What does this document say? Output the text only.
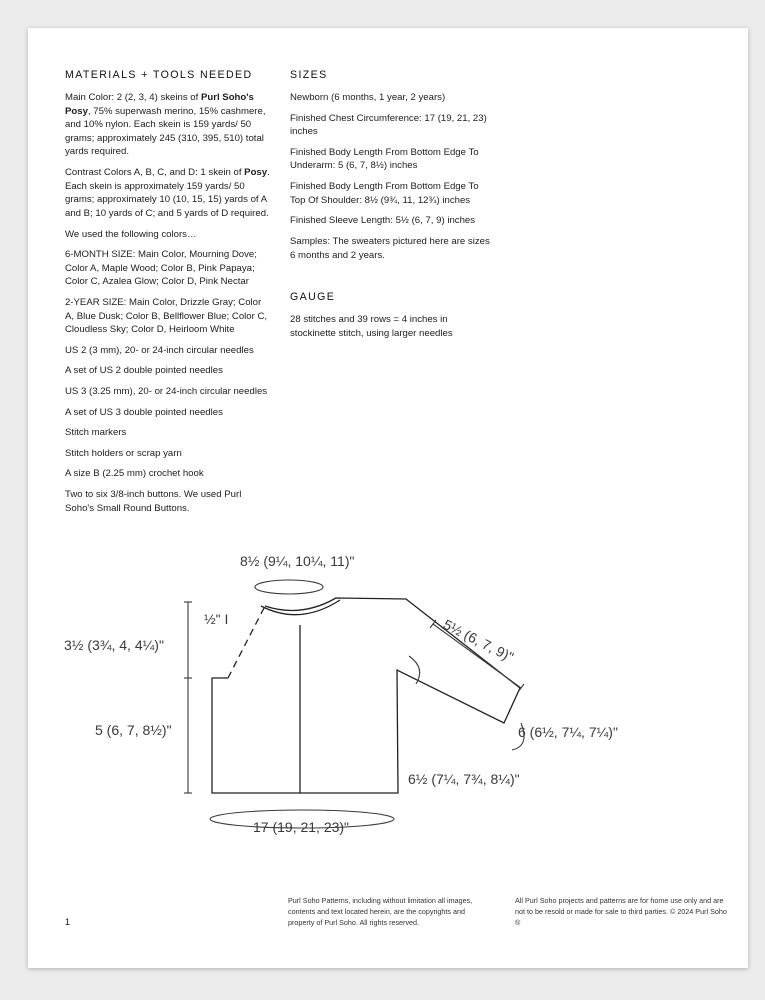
MATERIALS + TOOLS NEEDED

Main Color: 2 (2, 3, 4) skeins of Purl Soho's Posy, 75% superwash merino, 15% cashmere, and 10% nylon. Each skein is 159 yards/ 50 grams; approximately 245 (310, 395, 510) total yards required.

Contrast Colors A, B, C, and D: 1 skein of Posy. Each skein is approximately 159 yards/ 50 grams; approximately 10 (10, 15, 15) yards of A and B; 10 yards of C; and 5 yards of D required.

We used the following colors…

6-MONTH SIZE: Main Color, Mourning Dove; Color A, Maple Wood; Color B, Pink Papaya; Color C, Azalea Glow; Color D, Pink Nectar

2-YEAR SIZE: Main Color, Drizzle Gray; Color A, Blue Dusk; Color B, Bellflower Blue; Color C, Cloudless Sky; Color D, Heirloom White

US 2 (3 mm), 20- or 24-inch circular needles

A set of US 2 double pointed needles

US 3 (3.25 mm), 20- or 24-inch circular needles

A set of US 3 double pointed needles

Stitch markers

Stitch holders or scrap yarn

A size B (2.25 mm) crochet hook

Two to six 3/8-inch buttons. We used Purl Soho's Small Round Buttons.

SIZES

Newborn (6 months, 1 year, 2 years)

Finished Chest Circumference: 17 (19, 21, 23) inches

Finished Body Length From Bottom Edge To Underarm: 5 (6, 7, 8½) inches

Finished Body Length From Bottom Edge To Top Of Shoulder: 8½ (9¾, 11, 12¾) inches

Finished Sleeve Length: 5½ (6, 7, 9) inches

Samples: The sweaters pictured here are sizes 6 months and 2 years.

GAUGE

28 stitches and 39 rows = 4 inches in stockinette stitch, using larger needles

8½ (9¼, 10¼, 11)"
½" I
3½ (3¾, 4, 4¼)"	5½ (6, 7, 9)"
5 (6, 7, 8½)"	6 (6½, 7¼, 7¼)"
6½ (7¼, 7¾, 8¼)"
17 (19, 21, 23)"
1
Purl Soho Patterns, including without limitation all images, contents and text located herein, are the copyrights and property of Purl Soho. All rights reserved.
All Purl Soho projects and patterns are for home use only and are not to be resold or made for sale to third parties. © 2024 Purl Soho ®
